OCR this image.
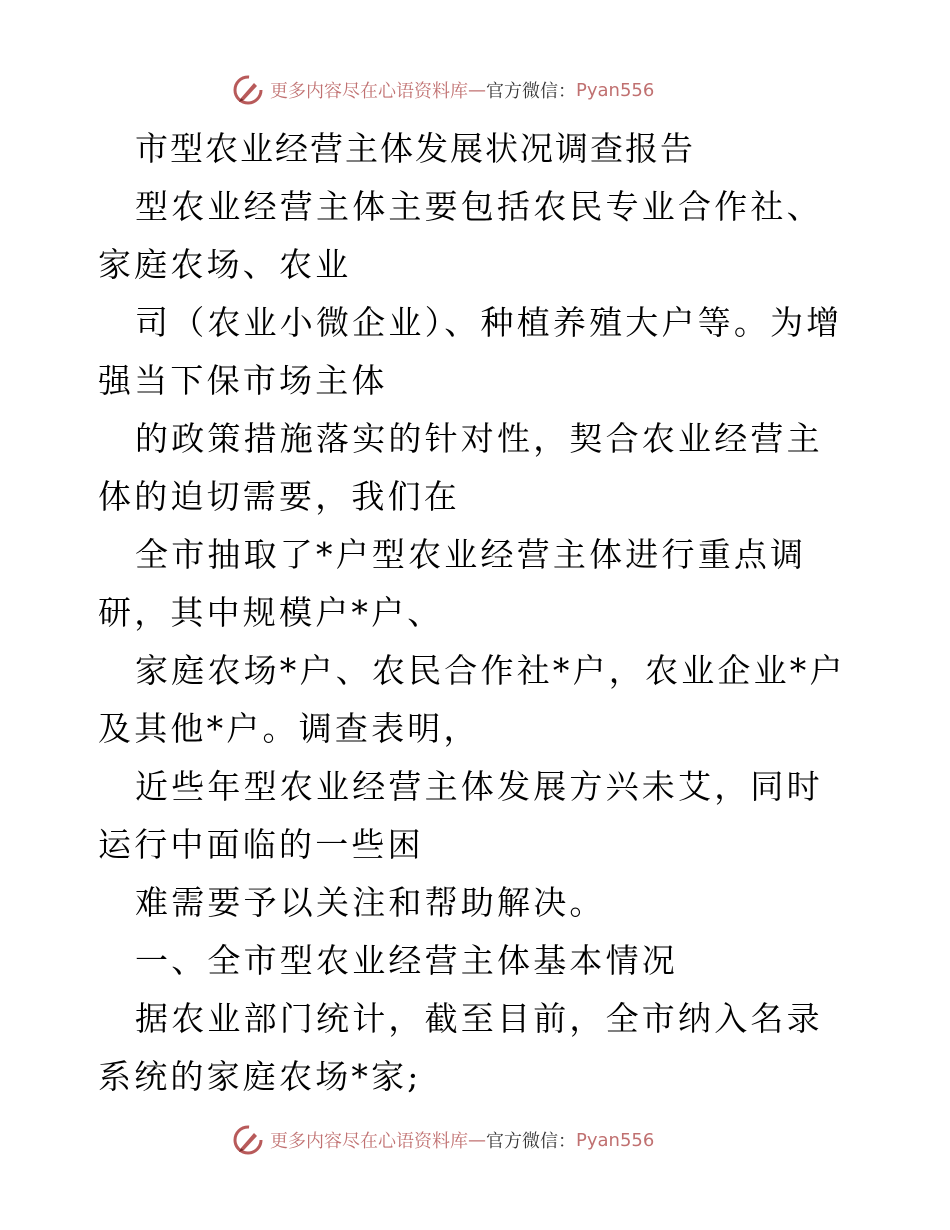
更多内容尽在心语资料库 — 官方微信： Pyan556

市型农业经营主体发展状况调查报告

型农业经营主体主要包括农民专业合作社、家庭农场、农业

司（农业小微企业）、种植养殖大户等。为增强当下保市场主体

的政策措施落实的针对性，契合农业经营主体的迫切需要，我们在

全市抽取了*户型农业经营主体进行重点调研，其中规模户*户、

家庭农场*户、农民合作社*户，农业企业*户及其他*户。调查表明，

近些年型农业经营主体发展方兴未艾，同时运行中面临的一些困

难需要予以关注和帮助解决。

一、全市型农业经营主体基本情况

据农业部门统计，截至目前，全市纳入名录系统的家庭农场*家;

更多内容尽在心语资料库 — 官方微信： Pyan556
